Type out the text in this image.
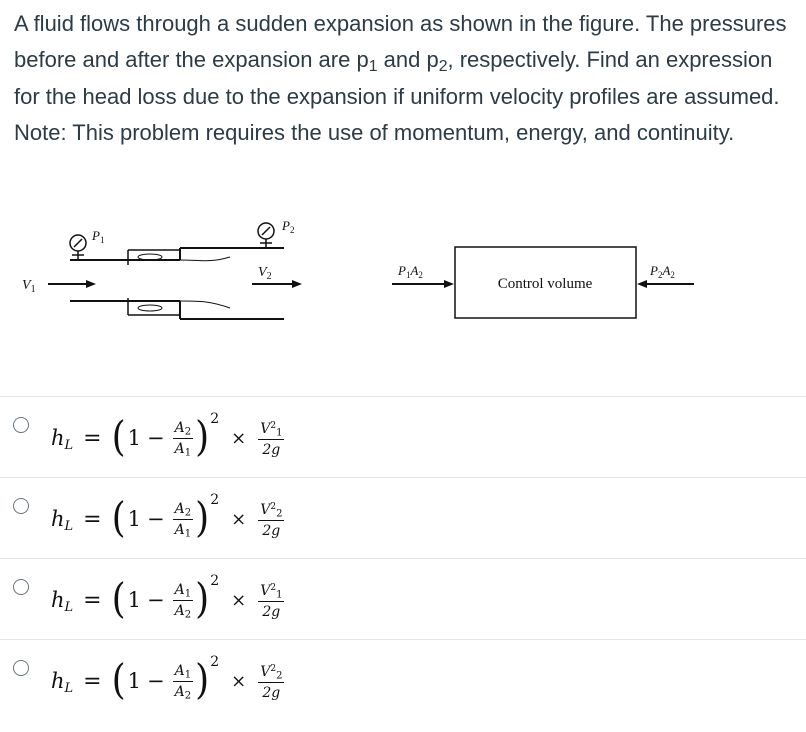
A fluid flows through a sudden expansion as shown in the figure. The pressures before and after the expansion are $p_1$ and $p_2$, respectively. Find an expression for the head loss due to the expansion if uniform velocity profiles are assumed. Note: This problem requires the use of momentum, energy, and continuity.
$P_1$
$P_2$
$V_1$
$V_2$	$P_1A_2$
Control volume
$P_2A_2$
$h_L$ = ( $1 - \frac{A_2}{A_1}$ ) 2
× $\frac{V^2_1}{2g}$
$h_L$ = ( $1 - \frac{A_2}{A_1}$ ) 2
× $\frac{V^2_2}{2g}$
$h_L$ = ( $1 - \frac{A_1}{A_2}$ ) 2
× $\frac{V^2_1}{2g}$
$h_L$ = ( $1 - \frac{A_1}{A_2}$ ) 2
× $\frac{V^2_2}{2g}$
